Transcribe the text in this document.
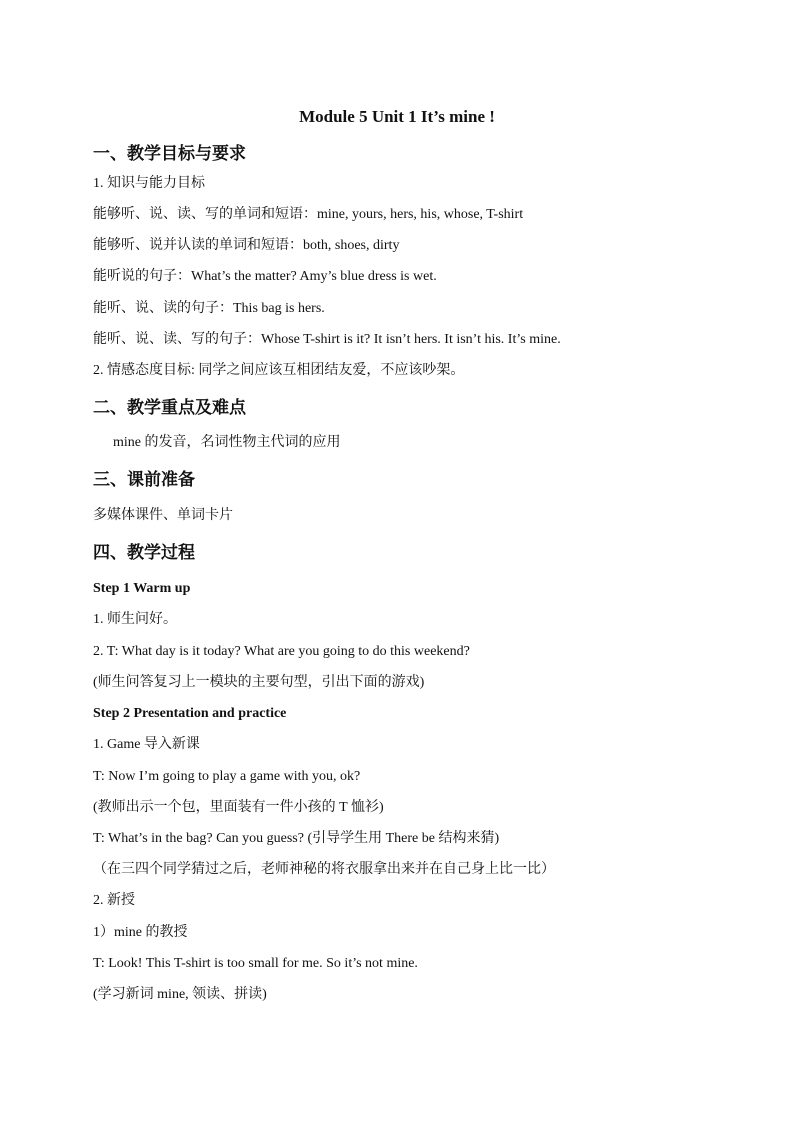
Module 5 Unit 1 It’s mine !
一、教学目标与要求
1. 知识与能力目标
能够听、说、读、写的单词和短语：mine, yours, hers, his, whose, T-shirt
能够听、说并认读的单词和短语：both, shoes, dirty
能听说的句子：What’s the matter? Amy’s blue dress is wet.
能听、说、读的句子：This bag is hers.
能听、说、读、写的句子：Whose T-shirt is it? It isn’t hers. It isn’t his. It’s mine.
2. 情感态度目标: 同学之间应该互相团结友爱，不应该吵架。
二、教学重点及难点
mine 的发音，名词性物主代词的应用
三、课前准备
多媒体课件、单词卡片
四、教学过程
Step 1 Warm up
1. 师生问好。
2. T: What day is it today? What are you going to do this weekend?
(师生问答复习上一模块的主要句型，引出下面的游戏)
Step 2 Presentation and practice
1. Game 导入新课
T: Now I’m going to play a game with you, ok?
(教师出示一个包，里面装有一件小孩的 T 恤衫)
T: What’s in the bag? Can you guess? (引导学生用 There be 结构来猜)
（在三四个同学猜过之后，老师神秘的将衣服拿出来并在自己身上比一比）
2. 新授
1）mine 的教授
T: Look! This T-shirt is too small for me. So it’s not mine.
(学习新词 mine, 领读、拼读)
